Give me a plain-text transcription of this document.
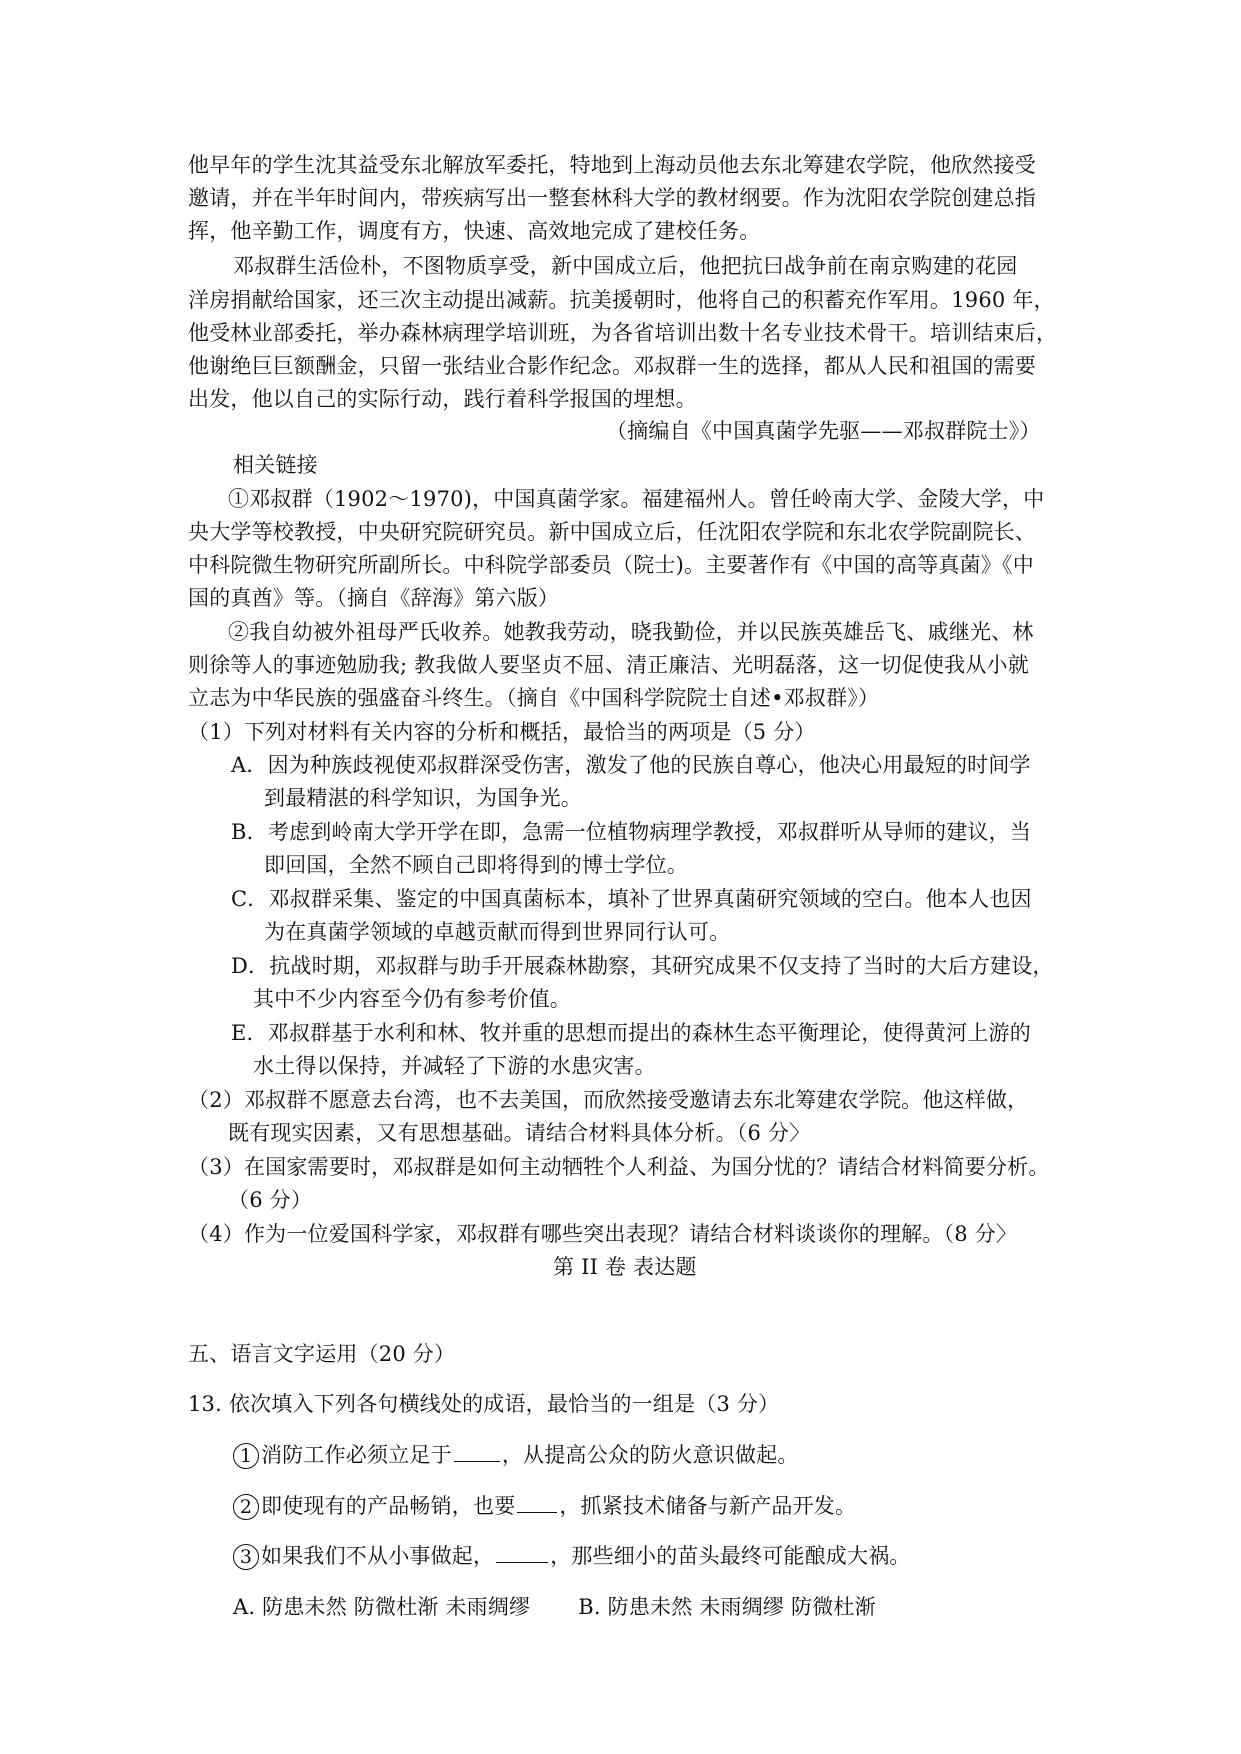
他早年的学生沈其益受东北解放军委托，特地到上海动员他去东北筹建农学院，他欣然接受
邀请，并在半年时间内，带疾病写出一整套林科大学的教材纲要。作为沈阳农学院创建总指
挥，他辛勤工作，调度有方，快速、高效地完成了建校任务。
邓叔群生活俭朴，不图物质享受，新中国成立后，他把抗曰战争前在南京购建的花园
洋房捐献给国家，还三次主动提出减薪。抗美援朝时，他将自己的积蓄充作军用。1960 年，
他受林业部委托，举办森林病理学培训班，为各省培训出数十名专业技术骨干。培训结束后，
他谢绝巨巨额酬金，只留一张结业合影作纪念。邓叔群一生的选择，都从人民和祖国的需要
出发，他以自己的实际行动，践行着科学报国的埋想。
（摘编自《中国真菌学先驱——邓叔群院士》）
相关链接
①邓叔群（1902～1970)，中国真菌学家。福建福州人。曾任岭南大学、金陵大学，中
央大学等校教授，中央研究院研究员。新中国成立后，任沈阳农学院和东北农学院副院长、
中科院微生物研究所副所长。中科院学部委员（院士)。主要著作有《中国的高等真菌》《中
国的真酋》等。（摘自《辞海》第六版）
②我自幼被外祖母严氏收养。她教我劳动，晓我勤俭，并以民族英雄岳飞、戚继光、林
则徐等人的事迹勉励我; 教我做人要坚贞不屈、清正廉洁、光明磊落，这一切促使我从小就
立志为中华民族的强盛奋斗终生。（摘自《中国科学院院士自述•邓叔群》）
（1）下列对材料有关内容的分析和概括，最恰当的两项是（5 分）
A．因为种族歧视使邓叔群深受伤害，激发了他的民族自尊心，他决心用最短的时间学
到最精湛的科学知识，为国争光。
B．考虑到岭南大学开学在即，急需一位植物病理学教授，邓叔群听从导师的建议，当
即回国，全然不顾自己即将得到的博士学位。
C．邓叔群采集、鉴定的中国真菌标本，填补了世界真菌研究领域的空白。他本人也因
为在真菌学领域的卓越贡献而得到世界同行认可。
D．抗战时期，邓叔群与助手开展森林勘察，其研究成果不仅支持了当时的大后方建设，
其中不少内容至今仍有参考价值。
E．邓叔群基于水利和林、牧并重的思想而提出的森林生态平衡理论，使得黄河上游的
水土得以保持，并减轻了下游的水患灾害。
（2）邓叔群不愿意去台湾，也不去美国，而欣然接受邀请去东北筹建农学院。他这样做，
既有现实因素，又有思想基础。请结合材料具体分析。（6 分〉
（3）在国家需要时，邓叔群是如何主动牺牲个人利益、为国分忧的？请结合材料简要分析。
（6 分）
（4）作为一位爱国科学家，邓叔群有哪些突出表现？请结合材料谈谈你的理解。（8 分〉
第 II 卷 表达题
五、语言文字运用（20 分）
13. 依次填入下列各句横线处的成语，最恰当的一组是（3 分）
1 消防工作必须立足于 ，从提高公众的防火意识做起。
2 即使现有的产品畅销，也要 ，抓紧技术储备与新产品开发。
3 如果我们不从小事做起，	，那些细小的苗头最终可能酿成大祸。
A. 防患未然 防微杜渐 未雨绸缪 B. 防患未然 未雨绸缪 防微杜渐
